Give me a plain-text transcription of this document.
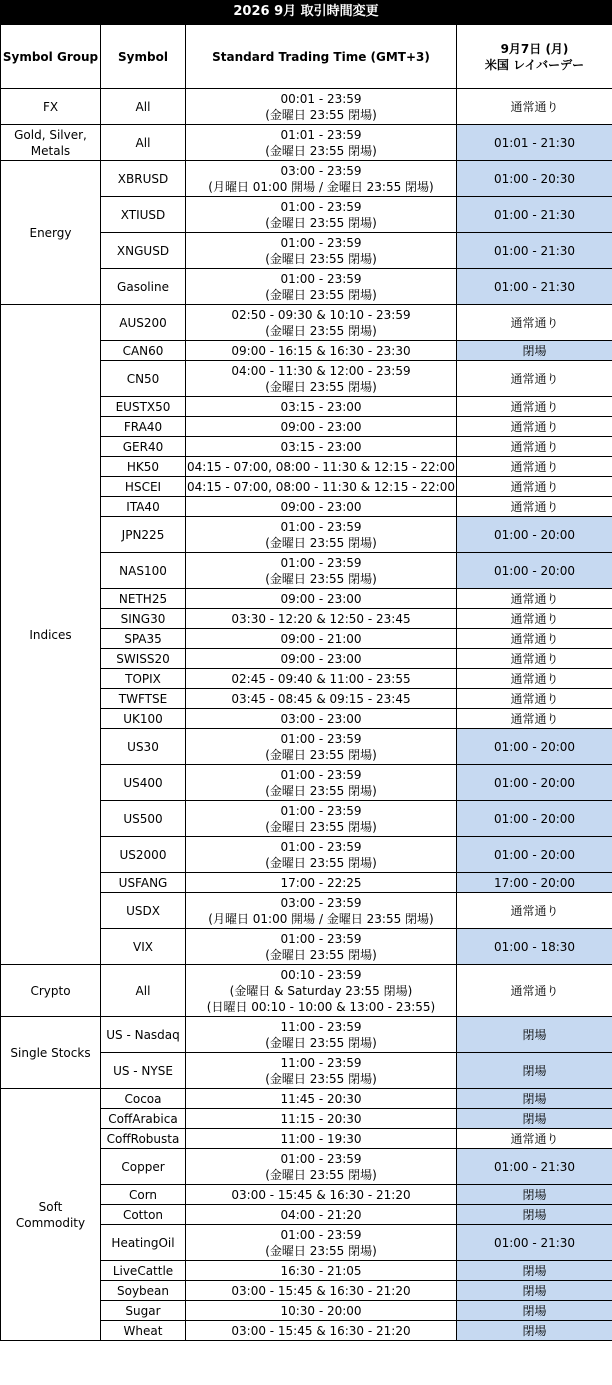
2026 9月 取引時間変更
Symbol Group	Symbol	Standard Trading Time (GMT+3)	9月7日 (月)
米国 レイバーデー
FX	All	00:01 - 23:59
(金曜日 23:55 閉場)	通常通り
Gold, Silver,
Metals	All	01:01 - 23:59
(金曜日 23:55 閉場)	01:01 - 21:30
Energy	XBRUSD	03:00 - 23:59
(月曜日 01:00 開場 / 金曜日 23:55 閉場)	01:00 - 20:30
	XTIUSD	01:00 - 23:59
(金曜日 23:55 閉場)	01:00 - 21:30
	XNGUSD	01:00 - 23:59
(金曜日 23:55 閉場)	01:00 - 21:30
	Gasoline	01:00 - 23:59
(金曜日 23:55 閉場)	01:00 - 21:30
Indices	AUS200	02:50 - 09:30 & 10:10 - 23:59
(金曜日 23:55 閉場)	通常通り
	CAN60	09:00 - 16:15 & 16:30 - 23:30	閉場
	CN50	04:00 - 11:30 & 12:00 - 23:59
(金曜日 23:55 閉場)	通常通り
	EUSTX50	03:15 - 23:00	通常通り
	FRA40	09:00 - 23:00	通常通り
	GER40	03:15 - 23:00	通常通り
	HK50	04:15 - 07:00, 08:00 - 11:30 & 12:15 - 22:00	通常通り
	HSCEI	04:15 - 07:00, 08:00 - 11:30 & 12:15 - 22:00	通常通り
	ITA40	09:00 - 23:00	通常通り
	JPN225	01:00 - 23:59
(金曜日 23:55 閉場)	01:00 - 20:00
	NAS100	01:00 - 23:59
(金曜日 23:55 閉場)	01:00 - 20:00
	NETH25	09:00 - 23:00	通常通り
	SING30	03:30 - 12:20 & 12:50 - 23:45	通常通り
	SPA35	09:00 - 21:00	通常通り
	SWISS20	09:00 - 23:00	通常通り
	TOPIX	02:45 - 09:40 & 11:00 - 23:55	通常通り
	TWFTSE	03:45 - 08:45 & 09:15 - 23:45	通常通り
	UK100	03:00 - 23:00	通常通り
	US30	01:00 - 23:59
(金曜日 23:55 閉場)	01:00 - 20:00
	US400	01:00 - 23:59
(金曜日 23:55 閉場)	01:00 - 20:00
	US500	01:00 - 23:59
(金曜日 23:55 閉場)	01:00 - 20:00
	US2000	01:00 - 23:59
(金曜日 23:55 閉場)	01:00 - 20:00
	USFANG	17:00 - 22:25	17:00 - 20:00
	USDX	03:00 - 23:59
(月曜日 01:00 開場 / 金曜日 23:55 閉場)	通常通り
	VIX	01:00 - 23:59
(金曜日 23:55 閉場)	01:00 - 18:30
Crypto	All	00:10 - 23:59
(金曜日 & Saturday 23:55 閉場)
(日曜日 00:10 - 10:00 & 13:00 - 23:55)	通常通り
Single Stocks	US - Nasdaq	11:00 - 23:59
(金曜日 23:55 閉場)	閉場
	US - NYSE	11:00 - 23:59
(金曜日 23:55 閉場)	閉場
Soft
Commodity	Cocoa	11:45 - 20:30	閉場
	CoffArabica	11:15 - 20:30	閉場
	CoffRobusta	11:00 - 19:30	通常通り
	Copper	01:00 - 23:59
(金曜日 23:55 閉場)	01:00 - 21:30
	Corn	03:00 - 15:45 & 16:30 - 21:20	閉場
	Cotton	04:00 - 21:20	閉場
	HeatingOil	01:00 - 23:59
(金曜日 23:55 閉場)	01:00 - 21:30
	LiveCattle	16:30 - 21:05	閉場
	Soybean	03:00 - 15:45 & 16:30 - 21:20	閉場
	Sugar	10:30 - 20:00	閉場
	Wheat	03:00 - 15:45 & 16:30 - 21:20	閉場
